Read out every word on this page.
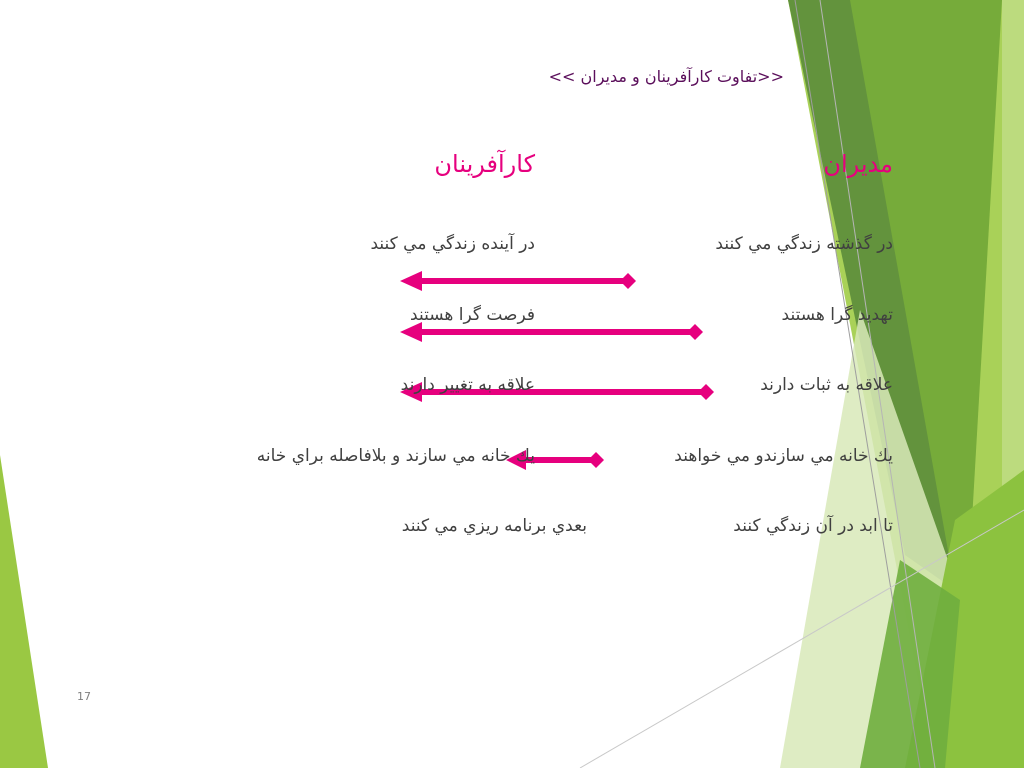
<<تفاوت كارآفرينان و مديران >>
مديران
كارآفرينان
در گذشته زندگي مي كنند
تهديد گرا هستند
علاقه به ثبات دارند
يك خانه مي سازندو مي خواهند
تا ابد در آن زندگي كنند
در آينده زندگي مي كنند
فرصت گرا هستند
علاقه به تغيير دارند
يك خانه مي سازند و بلافاصله براي خانه
بعدي برنامه ريزي مي كنند
17
